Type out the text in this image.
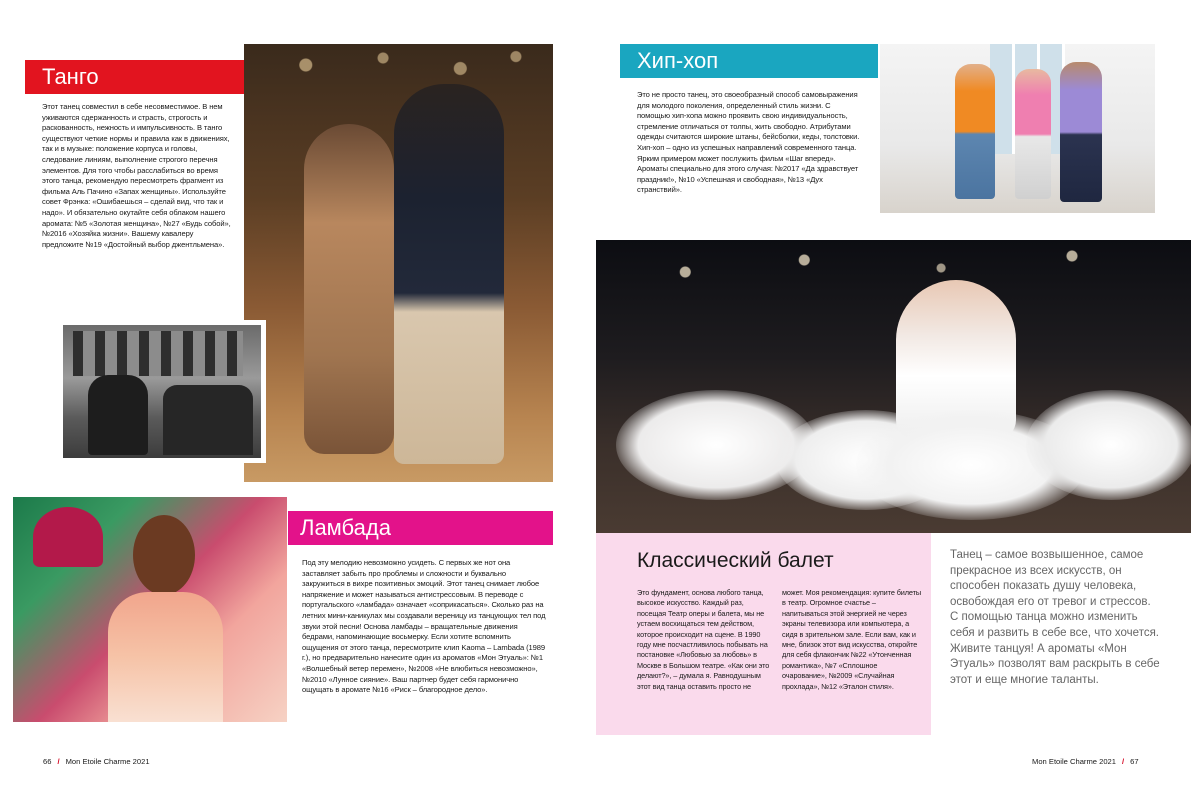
Танго

Этот танец совместил в себе несовместимое. В нем уживаются сдержанность и страсть, строгость и раскованность, нежность и импульсивность. В танго существуют четкие нормы и правила как в движениях, так и в музыке: положение корпуса и головы, следование линиям, выполнение строгого перечня элементов. Для того чтобы расслабиться во время этого танца, рекомендую пересмотреть фрагмент из фильма Аль Пачино «Запах женщины». Используйте совет Фрэнка: «Ошибаешься – сделай вид, что так и надо». И обязательно окутайте себя облаком нашего аромата: №5 «Золотая женщина», №27 «Будь собой», №2016 «Хозяйка жизни». Вашему кавалеру предложите №19 «Достойный выбор джентльмена».

Ламбада

Под эту мелодию невозможно усидеть. С первых же нот она заставляет забыть про проблемы и сложности и буквально закружиться в вихре позитивных эмоций. Этот танец снимает любое напряжение и может называться антистрессовым. В переводе с португальского «ламбада» означает «соприкасаться». Сколько раз на летних мини-каникулах мы создавали вереницу из танцующих тел под звуки этой песни! Основа ламбады – вращательные движения бедрами, напоминающие восьмерку. Если хотите вспомнить ощущения от этого танца, пересмотрите клип Kaoma – Lambada (1989 г.), но предварительно нанесите один из ароматов «Мон Этуаль»: №1 «Волшебный ветер перемен», №2008 «Не влюбиться невозможно», №2010 «Лунное сияние». Ваш партнер будет себя гармонично ощущать в аромате №16 «Риск – благородное дело».

66 / Mon Etoile Charme 2021
Хип-хоп

Это не просто танец, это своеобразный способ самовыражения для молодого поколения, определенный стиль жизни. С помощью хип-хопа можно проявить свою индивидуальность, стремление отличаться от толпы, жить свободно. Атрибутами одежды считаются широкие штаны, бейсболки, кеды, толстовки. Хип-хоп – одно из успешных направлений современного танца. Ярким примером может послужить фильм «Шаг вперед». Ароматы специально для этого случая: №2017 «Да здравствует праздник!», №10 «Успешная и свободная», №13 «Дух странствий».

Классический балет

Это фундамент, основа любого танца, высокое искусство. Каждый раз, посещая Театр оперы и балета, мы не устаем восхищаться тем действом, которое происходит на сцене. В 1990 году мне посчастливилось побывать на постановке «Любовью за любовь» в Москве в Большом театре. «Как они это делают?», – думала я. Равнодушным этот вид танца оставить просто не

может. Моя рекомендация: купите билеты в театр. Огромное счастье – напитываться этой энергией не через экраны телевизора или компьютера, а сидя в зрительном зале. Если вам, как и мне, близок этот вид искусства, откройте для себя флакончик №22 «Утонченная романтика», №7 «Сплошное очарование», №2009 «Случайная прохлада», №12 «Эталон стиля».

Танец – самое возвышенное, самое прекрасное из всех искусств, он способен показать душу человека, освобождая его от тревог и стрессов. С помощью танца можно изменить себя и развить в себе все, что хочется. Живите танцуя! А ароматы «Мон Этуаль» позволят вам раскрыть в себе этот и еще многие таланты.

Mon Etoile Charme 2021 / 67
